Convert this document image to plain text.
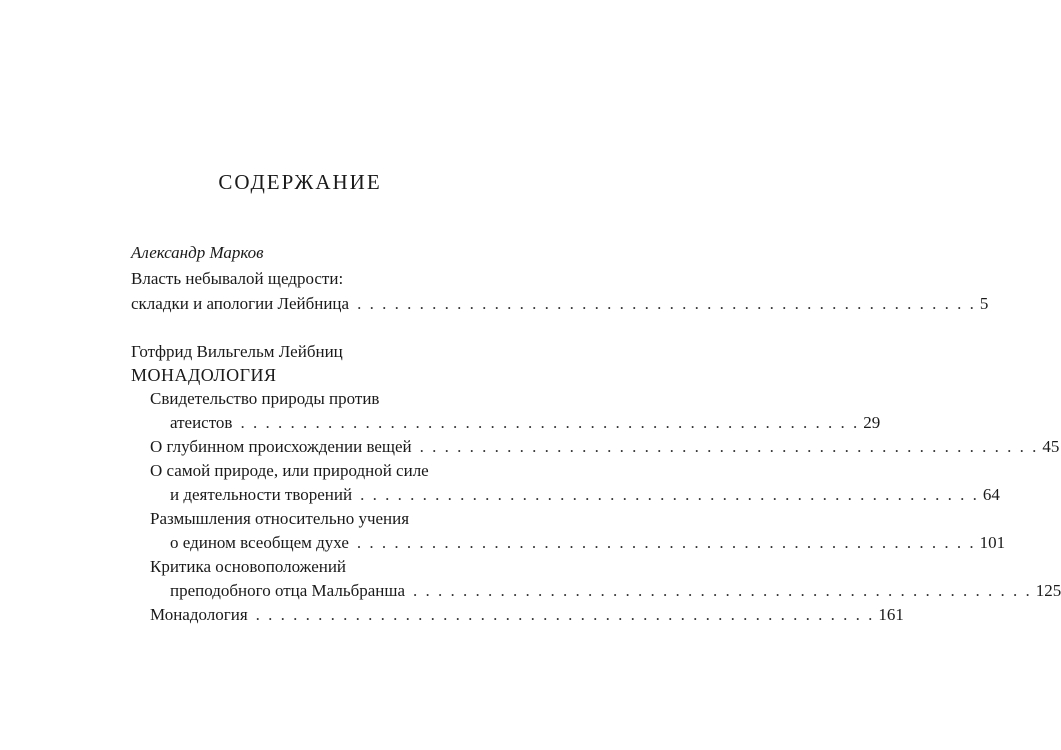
СОДЕРЖАНИЕ
Александр Марков
Власть небывалой щедрости:
складки и апологии Лейбница . . . . . . . . . . . . . . . . . . . . . . . . . . . . . . . . . . . . . . . . . . . . . . . . . . 5
Готфрид Вильгельм Лейбниц
МОНАДОЛОГИЯ
Свидетельство природы против
атеистов . . . . . . . . . . . . . . . . . . . . . . . . . . . . . . . . . . . . . . . . . . . . . . . . . . 29
О глубинном происхождении вещей . . . . . . . . . . . . . . . . . . . . . . . . . . . . . . . . . . . . . . . . . . . . . . . . . . 45
О самой природе, или природной силе
и деятельности творений . . . . . . . . . . . . . . . . . . . . . . . . . . . . . . . . . . . . . . . . . . . . . . . . . . 64
Размышления относительно учения
о едином всеобщем духе . . . . . . . . . . . . . . . . . . . . . . . . . . . . . . . . . . . . . . . . . . . . . . . . . . 101
Критика основоположений
преподобного отца Мальбранша . . . . . . . . . . . . . . . . . . . . . . . . . . . . . . . . . . . . . . . . . . . . . . . . . . 125
Монадология . . . . . . . . . . . . . . . . . . . . . . . . . . . . . . . . . . . . . . . . . . . . . . . . . . 161
